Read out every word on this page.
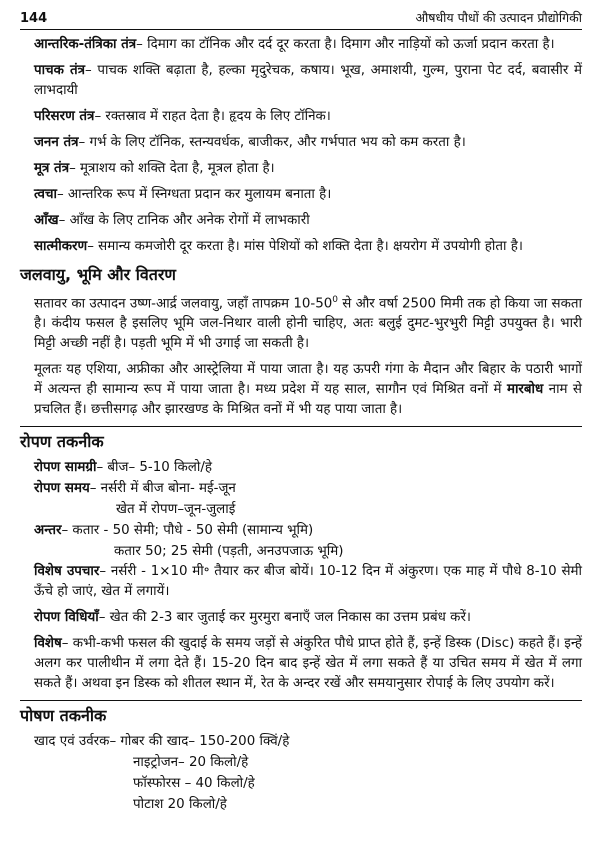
144	औषधीय पौधों की उत्पादन प्रौद्योगिकी

आन्तरिक-तंत्रिका तंत्र– दिमाग का टॉनिक और दर्द दूर करता है। दिमाग और नाड़ियों को ऊर्जा प्रदान करता है।

पाचक तंत्र– पाचक शक्ति बढ़ाता है, हल्का मृदुरेचक, कषाय। भूख, अमाशयी, गुल्म, पुराना पेट दर्द, बवासीर में लाभदायी

परिसरण तंत्र– रक्तस्राव में राहत देता है। हृदय के लिए टॉनिक।

जनन तंत्र– गर्भ के लिए टॉनिक, स्तन्यवर्धक, बाजीकर, और गर्भपात भय को कम करता है।

मूत्र तंत्र– मूत्राशय को शक्ति देता है, मूत्रल होता है।

त्वचा– आन्तरिक रूप में स्निग्धता प्रदान कर मुलायम बनाता है।

आँख– आँख के लिए टानिक और अनेक रोगों में लाभकारी

सात्मीकरण– समान्य कमजोरी दूर करता है। मांस पेशियों को शक्ति देता है। क्षयरोग में उपयोगी होता है।

जलवायु, भूमि और वितरण

सतावर का उत्पादन उष्ण-आर्द्र जलवायु, जहाँ तापक्रम $10-50^0$ से और वर्षा 2500 मिमी तक हो किया जा सकता है। कंदीय फसल है इसलिए भूमि जल-निथार वाली होनी चाहिए, अतः बलुई दुमट-भुरभुरी मिट्टी उपयुक्त है। भारी मिट्टी अच्छी नहीं है। पड़ती भूमि में भी उगाई जा सकती है।

मूलतः यह एशिया, अफ्रीका और आस्ट्रेलिया में पाया जाता है। यह ऊपरी गंगा के मैदान और बिहार के पठारी भागों में अत्यन्त ही सामान्य रूप में पाया जाता है। मध्य प्रदेश में यह साल, सागौन एवं मिश्रित वनों में मारबोध नाम से प्रचलित हैं। छत्तीसगढ़ और झारखण्ड के मिश्रित वनों में भी यह पाया जाता है।

रोपण तकनीक
रोपण सामग्री– बीज– 5-10 किलो/हे
रोपण समय– नर्सरी में बीज बोना- मई-जून
खेत में रोपण–जून-जुलाई
अन्तर– कतार - 50 सेमी; पौधे - 50 सेमी (सामान्य भूमि)
कतार 50; 25 सेमी (पड़ती, अनउपजाऊ भूमि)

विशेष उपचार– नर्सरी - 1×10 मी॰ तैयार कर बीज बोयें। 10-12 दिन में अंकुरण। एक माह में पौधे 8-10 सेमी ऊँचे हो जाएं, खेत में लगायें।

रोपण विधियाँ– खेत की 2-3 बार जुताई कर मुरमुरा बनाएँ जल निकास का उत्तम प्रबंध करें।

विशेष– कभी-कभी फसल की खुदाई के समय जड़ों से अंकुरित पौधे प्राप्त होते हैं, इन्हें डिस्क (Disc) कहते हैं। इन्हें अलग कर पालीथीन में लगा देते हैं। 15-20 दिन बाद इन्हें खेत में लगा सकते हैं या उचित समय में खेत में लगा सकते हैं। अथवा इन डिस्क को शीतल स्थान में, रेत के अन्दर रखें और समयानुसार रोपाई के लिए उपयोग करें।

पोषण तकनीक
खाद एवं उर्वरक– गोबर की खाद– 150-200 क्विं/हे
नाइट्रोजन– 20 किलो/हे
फॉस्फोरस – 40 किलो/हे
पोटाश 20 किलो/हे
